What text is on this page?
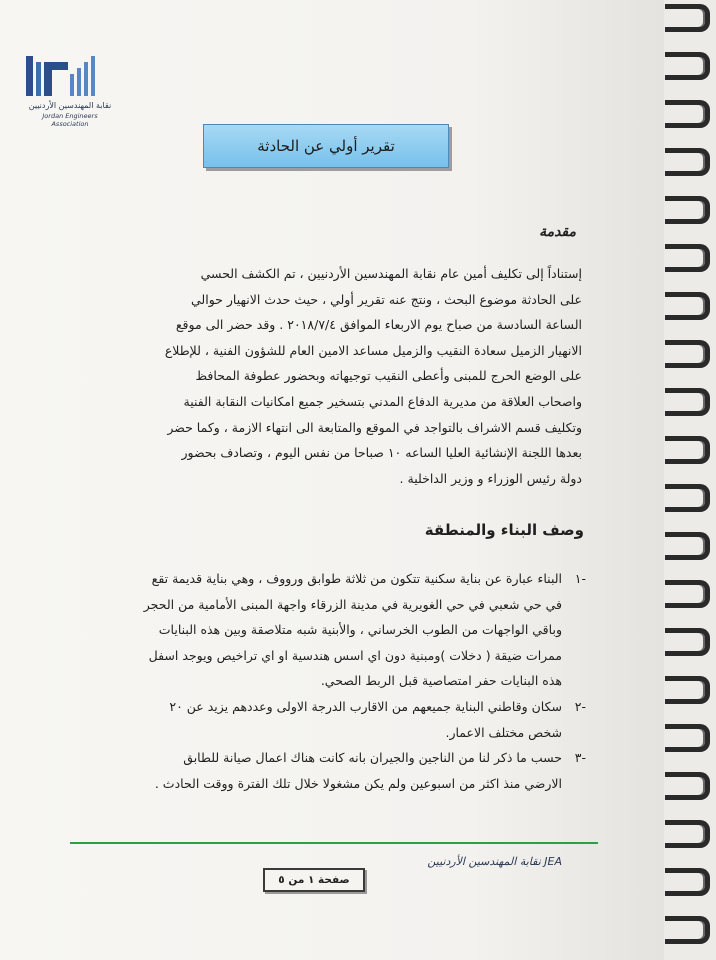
نقابة المهندسين الأردنيين
Jordan Engineers Association
تقرير أولي عن الحادثة
مقدمة
إستناداً إلى تكليف أمين عام نقابة المهندسين الأردنيين ، تم الكشف الحسي
على الحادثة موضوع البحث ، ونتج عنه تقرير أولي ، حيث حدث الانهيار حوالي
الساعة السادسة من صباح يوم الاربعاء الموافق ٢٠١٨/٧/٤ . وقد حضر الى موقع
الانهيار الزميل سعادة النقيب والزميل مساعد الامين العام للشؤون الفنية ، للإطلاع
على الوضع الحرج للمبنى وأعطى النقيب توجيهاته وبحضور عطوفة المحافظ
واصحاب العلاقة من مديرية الدفاع المدني بتسخير جميع امكانيات النقابة الفنية
وتكليف قسم الاشراف بالتواجد في الموقع والمتابعة الى انتهاء الازمة ، وكما حضر
بعدها اللجنة الإنشائية العليا الساعه ١٠ صباحا من نفس اليوم ، وتصادف بحضور
دولة رئيس الوزراء و وزير الداخلية .
وصف البناء والمنطقة
-١
البناء عبارة عن بناية سكنية تتكون من ثلاثة طوابق ورووف ، وهي بناية قديمة تقع
في حي شعبي في حي الغويرية في مدينة الزرقاء واجهة المبنى الأمامية من الحجر
وباقي الواجهات من الطوب الخرساني ، والأبنية شبه متلاصقة وبين هذه البنايات
ممرات ضيقة ( دخلات )ومبنية دون اي اسس هندسية او اي تراخيص ويوجد اسفل
هذه البنايات حفر امتصاصية قبل الربط الصحي.
-٢
سكان وقاطني البناية جميعهم من الاقارب الدرجة الاولى وعددهم يزيد عن ٢٠
شخص مختلف الاعمار.
-٣
حسب ما ذكر لنا من الناجين والجيران بانه كانت هناك اعمال صيانة للطابق
الارضي منذ اكثر من اسبوعين ولم يكن مشغولا خلال تلك الفترة ووقت الحادث .
JEA نقابة المهندسين الأردنيين
صفحة ١ من ٥
